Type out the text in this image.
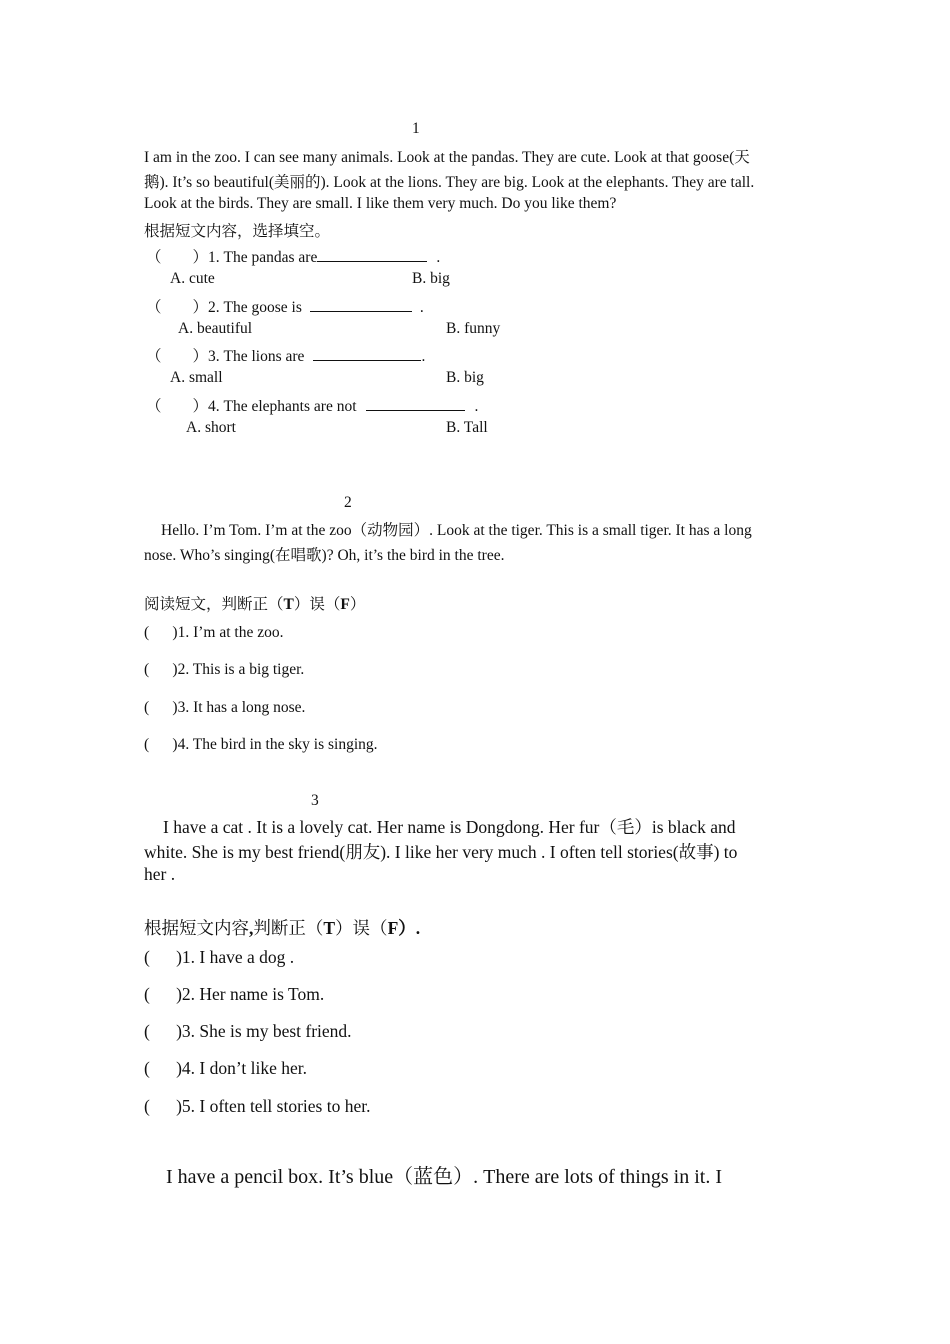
1
I am in the zoo. I can see many animals. Look at the pandas. They are cute. Look at that goose(天
鹅). It’s so beautiful(美丽的). Look at the lions. They are big. Look at the elephants. They are tall.
Look at the birds. They are small. I like them very much. Do you like them?
根据短文内容，选择填空。
（　　）1. The pandas are	.
A. cute	B. big
（　　）2. The goose is	.
A. beautiful	B. funny
（　　）3. The lions are	.
A. small	B. big
（　　）4. The elephants are not	.
A. short	B. Tall
2
Hello. I’m Tom. I’m at the zoo（动物园）. Look at the tiger. This is a small tiger. It has a long
nose. Who’s singing(在唱歌)? Oh, it’s the bird in the tree.
阅读短文，判断正（T）误（F）
(      )1. I’m at the zoo.
(      )2. This is a big tiger.
(      )3. It has a long nose.
(      )4. The bird in the sky is singing.
3
I have a cat . It is a lovely cat. Her name is Dongdong. Her fur（毛）is black and
white. She is my best friend(朋友). I like her very much . I often tell stories(故事) to
her .
根据短文内容,判断正（T）误（F）.
(      )1. I have a dog .
(      )2. Her name is Tom.
(      )3. She is my best friend.
(      )4. I don’t like her.
(      )5. I often tell stories to her.
I have a pencil box. It’s blue（蓝色）. There are lots of things in it. I
